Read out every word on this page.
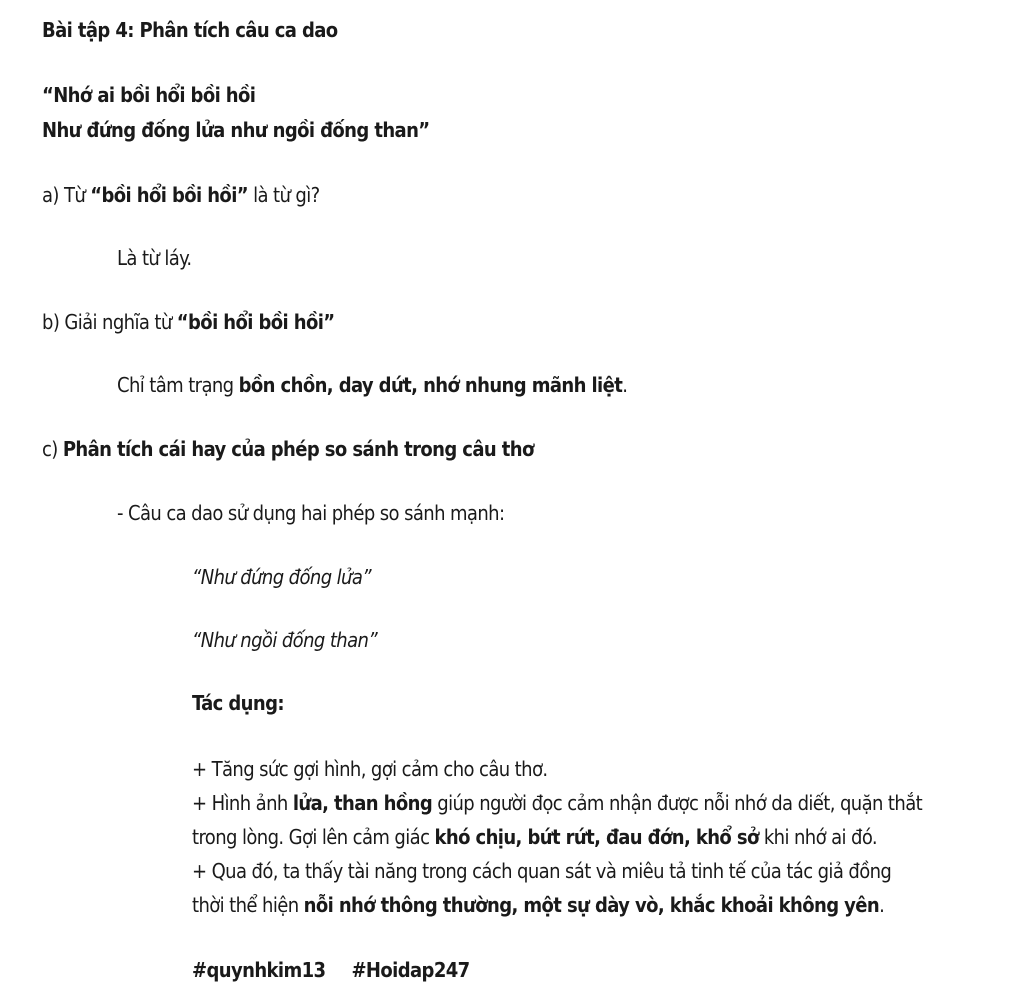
Bài tập 4: Phân tích câu ca dao
“Nhớ ai bồi hổi bồi hồi
Như đứng đống lửa như ngồi đống than”
a) Từ “bồi hổi bồi hồi” là từ gì?
Là từ láy.
b) Giải nghĩa từ “bồi hổi bồi hồi”
Chỉ tâm trạng bồn chồn, day dứt, nhớ nhung mãnh liệt.
c) Phân tích cái hay của phép so sánh trong câu thơ
- Câu ca dao sử dụng hai phép so sánh mạnh:
“Như đứng đống lửa”
“Như ngồi đống than”
Tác dụng:
+ Tăng sức gợi hình, gợi cảm cho câu thơ.
+ Hình ảnh lửa, than hồng giúp người đọc cảm nhận được nỗi nhớ da diết, quặn thắt
trong lòng. Gợi lên cảm giác khó chịu, bứt rứt, đau đớn, khổ sở khi nhớ ai đó.
+ Qua đó, ta thấy tài năng trong cách quan sát và miêu tả tinh tế của tác giả đồng
thời thể hiện nỗi nhớ thông thường, một sự dày vò, khắc khoải không yên.
#quynhkim13 #Hoidap247
